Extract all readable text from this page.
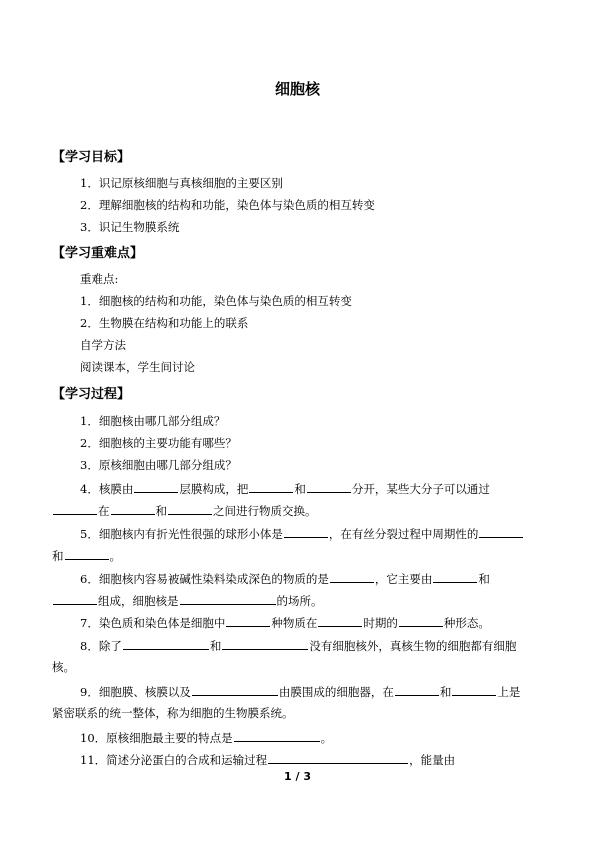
细胞核
【学习目标】
1．识记原核细胞与真核细胞的主要区别
2．理解细胞核的结构和功能，染色体与染色质的相互转变
3．识记生物膜系统
【学习重难点】
重难点:
1．细胞核的结构和功能，染色体与染色质的相互转变
2．生物膜在结构和功能上的联系
自学方法
阅读课本，学生间讨论
【学习过程】
1．细胞核由哪几部分组成？
2．细胞核的主要功能有哪些？
3．原核细胞由哪几部分组成？
4．核膜由	层膜构成，把	和	分开，某些大分子可以通过
在	和	之间进行物质交换。
5．细胞核内有折光性很强的球形小体是	，在有丝分裂过程中周期性的
和	。
6．细胞核内容易被碱性染料染成深色的物质的是	，它主要由	和
组成，细胞核是	的场所。
7．染色质和染色体是细胞中	种物质在	时期的	种形态。
8．除了	和	没有细胞核外，真核生物的细胞都有细胞
核。
9．细胞膜、核膜以及	由膜围成的细胞器，在	和	上是
紧密联系的统一整体，称为细胞的生物膜系统。
10．原核细胞最主要的特点是	。
11．简述分泌蛋白的合成和运输过程	，能量由
1 / 3
